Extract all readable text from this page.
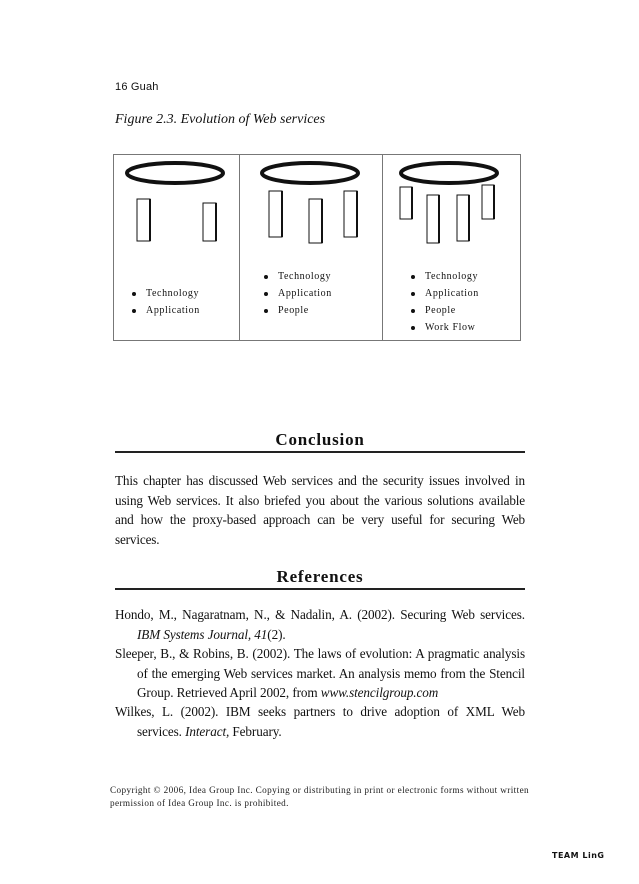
16 Guah
Figure 2.3. Evolution of Web services
Technology
Application
Technology
Application
People
Technology
Application
People
Work Flow
Conclusion
This chapter has discussed Web services and the security issues involved in using Web services. It also briefed you about the various solutions available and how the proxy-based approach can be very useful for securing Web services.
References
Hondo, M., Nagaratnam, N., & Nadalin, A. (2002). Securing Web services. IBM Systems Journal, 41(2).
Sleeper, B., & Robins, B. (2002). The laws of evolution: A pragmatic analysis of the emerging Web services market. An analysis memo from the Stencil Group. Retrieved April 2002, from www.stencilgroup.com
Wilkes, L. (2002). IBM seeks partners to drive adoption of XML Web services. Interact, February.
Copyright © 2006, Idea Group Inc. Copying or distributing in print or electronic forms without written permission of Idea Group Inc. is prohibited.
TEAM LinG
